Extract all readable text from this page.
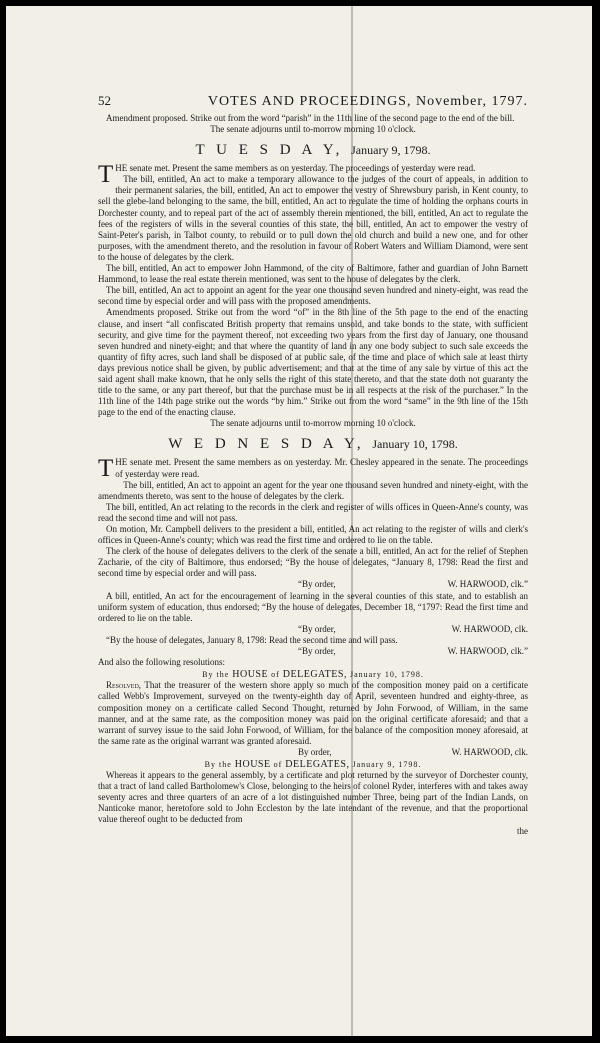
52	VOTES AND PROCEEDINGS, November, 1797.

Amendment proposed. Strike out from the word “parish” in the 11th line of the second page to the end of the bill.

The senate adjourns until to-morrow morning 10 o'clock.

T U E S D A Y, January 9, 1798.

THE senate met. Present the same members as on yesterday. The proceedings of yesterday were read.

The bill, entitled, An act to make a temporary allowance to the judges of the court of appeals, in addition to their permanent salaries, the bill, entitled, An act to empower the vestry of Shrewsbury parish, in Kent county, to sell the glebe-land belonging to the same, the bill, entitled, An act to regulate the time of holding the orphans courts in Dorchester county, and to repeal part of the act of assembly therein mentioned, the bill, entitled, An act to regulate the fees of the registers of wills in the several counties of this state, the bill, entitled, An act to empower the vestry of Saint-Peter's parish, in Talbot county, to rebuild or to pull down the old church and build a new one, and for other purposes, with the amendment thereto, and the resolution in favour of Robert Waters and William Diamond, were sent to the house of delegates by the clerk.

The bill, entitled, An act to empower John Hammond, of the city of Baltimore, father and guardian of John Barnett Hammond, to lease the real estate therein mentioned, was sent to the house of delegates by the clerk.

The bill, entitled, An act to appoint an agent for the year one thousand seven hundred and ninety-eight, was read the second time by especial order and will pass with the proposed amendments.

Amendments proposed. Strike out from the word “of” in the 8th line of the 5th page to the end of the enacting clause, and insert “all confiscated British property that remains unsold, and take bonds to the state, with sufficient security, and give time for the payment thereof, not exceeding two years from the first day of January, one thousand seven hundred and ninety-eight; and that where the quantity of land in any one body subject to such sale exceeds the quantity of fifty acres, such land shall be disposed of at public sale, of the time and place of which sale at least thirty days previous notice shall be given, by public advertisement; and that at the time of any sale by virtue of this act the said agent shall make known, that he only sells the right of this state thereto, and that the state doth not guaranty the title to the same, or any part thereof, but that the purchase must be in all respects at the risk of the purchaser.” In the 11th line of the 14th page strike out the words “by him.” Strike out from the word “same” in the 9th line of the 15th page to the end of the enacting clause.

The senate adjourns until to-morrow morning 10 o'clock.

W E D N E S D A Y, January 10, 1798.

THE senate met. Present the same members as on yesterday. Mr. Chesley appeared in the senate. The proceedings of yesterday were read.

The bill, entitled, An act to appoint an agent for the year one thousand seven hundred and ninety-eight, with the amendments thereto, was sent to the house of delegates by the clerk.

The bill, entitled, An act relating to the records in the clerk and register of wills offices in Queen-Anne's county, was read the second time and will not pass.

On motion, Mr. Campbell delivers to the president a bill, entitled, An act relating to the register of wills and clerk's offices in Queen-Anne's county; which was read the first time and ordered to lie on the table.

The clerk of the house of delegates delivers to the clerk of the senate a bill, entitled, An act for the relief of Stephen Zacharie, of the city of Baltimore, thus endorsed; “By the house of delegates, “January 8, 1798: Read the first and second time by especial order and will pass.

“By order,	W. HARWOOD, clk.”

A bill, entitled, An act for the encouragement of learning in the several counties of this state, and to establish an uniform system of education, thus endorsed; “By the house of delegates, December 18, “1797: Read the first time and ordered to lie on the table.

“By order,	W. HARWOOD, clk.

“By the house of delegates, January 8, 1798: Read the second time and will pass.

“By order,	W. HARWOOD, clk.”

And also the following resolutions:

By the HOUSE of DELEGATES, January 10, 1798.

Resolved, That the treasurer of the western shore apply so much of the composition money paid on a certificate called Webb's Improvement, surveyed on the twenty-eighth day of April, seventeen hundred and eighty-three, as composition money on a certificate called Second Thought, returned by John Forwood, of William, in the same manner, and at the same rate, as the composition money was paid on the original certificate aforesaid; and that a warrant of survey issue to the said John Forwood, of William, for the balance of the composition money aforesaid, at the same rate as the original warrant was granted aforesaid.

By order,	W. HARWOOD, clk.
By the HOUSE of DELEGATES, January 9, 1798.

Whereas it appears to the general assembly, by a certificate and plot returned by the surveyor of Dorchester county, that a tract of land called Bartholomew's Close, belonging to the heirs of colonel Ryder, interferes with and takes away seventy acres and three quarters of an acre of a lot distinguished number Three, being part of the Indian Lands, on Nanticoke manor, heretofore sold to John Eccleston by the late intendant of the revenue, and that the proportional value thereof ought to be deducted from

the
